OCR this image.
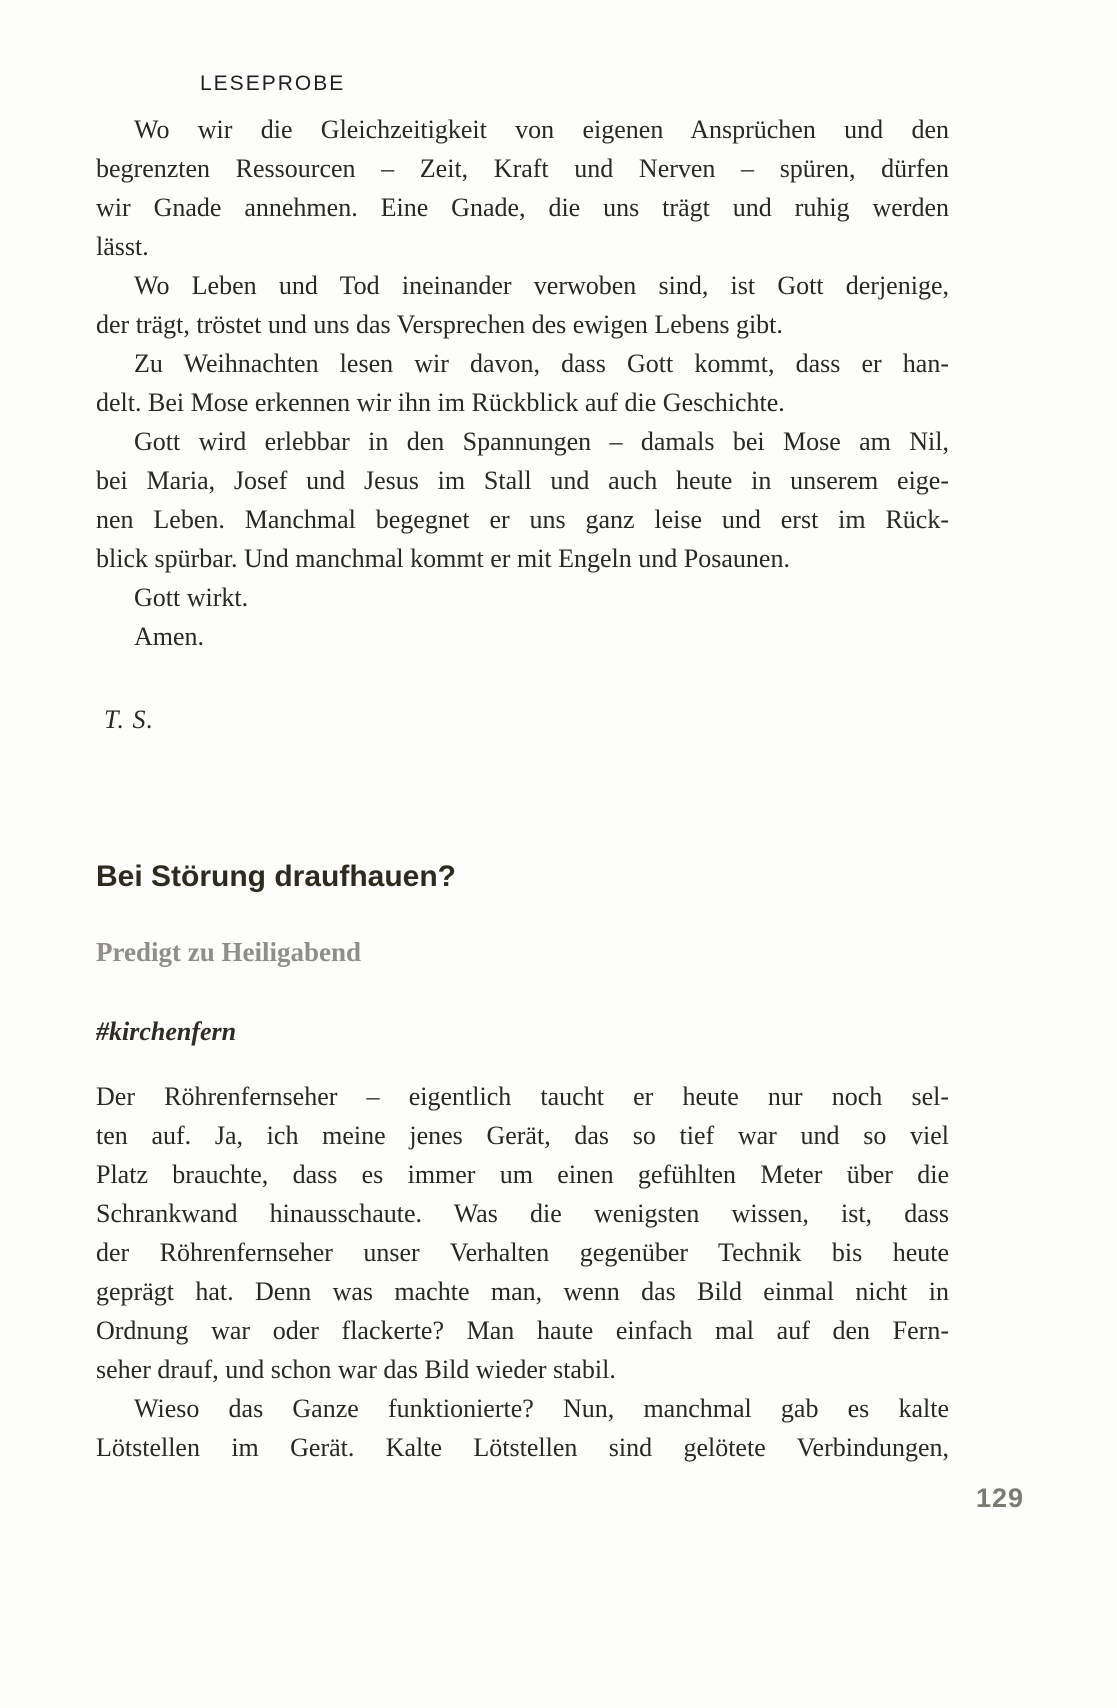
LESEPROBE

Wo wir die Gleichzeitigkeit von eigenen Ansprüchen und den
begrenzten Ressourcen – Zeit, Kraft und Nerven – spüren, dürfen
wir Gnade annehmen. Eine Gnade, die uns trägt und ruhig werden
lässt.

Wo Leben und Tod ineinander verwoben sind, ist Gott derjenige,
der trägt, tröstet und uns das Versprechen des ewigen Lebens gibt.

Zu Weihnachten lesen wir davon, dass Gott kommt, dass er han-
delt. Bei Mose erkennen wir ihn im Rückblick auf die Geschichte.

Gott wird erlebbar in den Spannungen – damals bei Mose am Nil,
bei Maria, Josef und Jesus im Stall und auch heute in unserem eige-
nen Leben. Manchmal begegnet er uns ganz leise und erst im Rück-
blick spürbar. Und manchmal kommt er mit Engeln und Posaunen.

Gott wirkt.
Amen.

T. S.

Bei Störung draufhauen?
Predigt zu Heiligabend

#kirchenfern

Der Röhrenfernseher – eigentlich taucht er heute nur noch sel-
ten auf. Ja, ich meine jenes Gerät, das so tief war und so viel
Platz brauchte, dass es immer um einen gefühlten Meter über die
Schrankwand hinausschaute. Was die wenigsten wissen, ist, dass
der Röhrenfernseher unser Verhalten gegenüber Technik bis heute
geprägt hat. Denn was machte man, wenn das Bild einmal nicht in
Ordnung war oder flackerte? Man haute einfach mal auf den Fern-
seher drauf, und schon war das Bild wieder stabil.

Wieso das Ganze funktionierte? Nun, manchmal gab es kalte
Lötstellen im Gerät. Kalte Lötstellen sind gelötete Verbindungen,

129
